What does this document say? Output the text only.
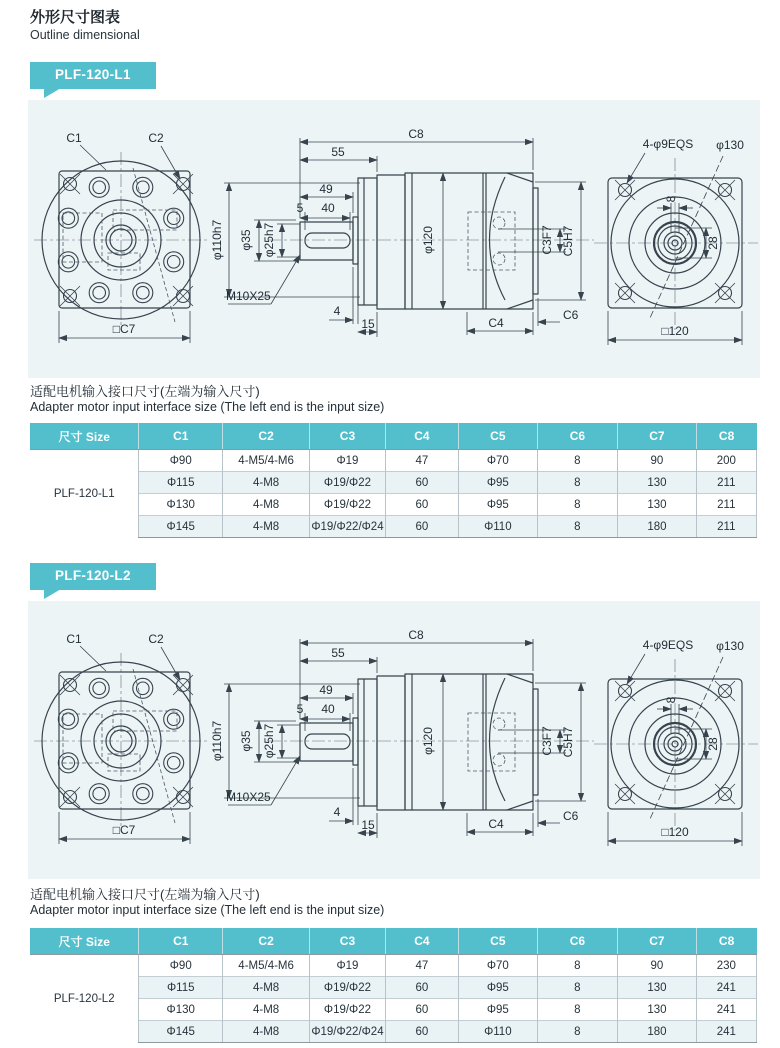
外形尺寸图表
Outline dimensional
PLF-120-L1
适配电机输入接口尺寸(左端为输入尺寸)
Adapter motor input interface size (The left end is the input size)
尺寸 Size	C1	C2	C3	C4	C5	C6	C7	C8
PLF-120-L1	Φ90	4-M5/4-M6	Φ19	47	Φ70	8	90	200
	Φ115	4-M8	Φ19/Φ22	60	Φ95	8	130	211
	Φ130	4-M8	Φ19/Φ22	60	Φ95	8	130	211
	Φ145	4-M8	Φ19/Φ22/Φ24	60	Φ110	8	180	211
PLF-120-L2
适配电机输入接口尺寸(左端为输入尺寸)
Adapter motor input interface size (The left end is the input size)
尺寸 Size	C1	C2	C3	C4	C5	C6	C7	C8
PLF-120-L2	Φ90	4-M5/4-M6	Φ19	47	Φ70	8	90	230
	Φ115	4-M8	Φ19/Φ22	60	Φ95	8	130	241
	Φ130	4-M8	Φ19/Φ22	60	Φ95	8	130	241
	Φ145	4-M8	Φ19/Φ22/Φ24	60	Φ110	8	180	241
